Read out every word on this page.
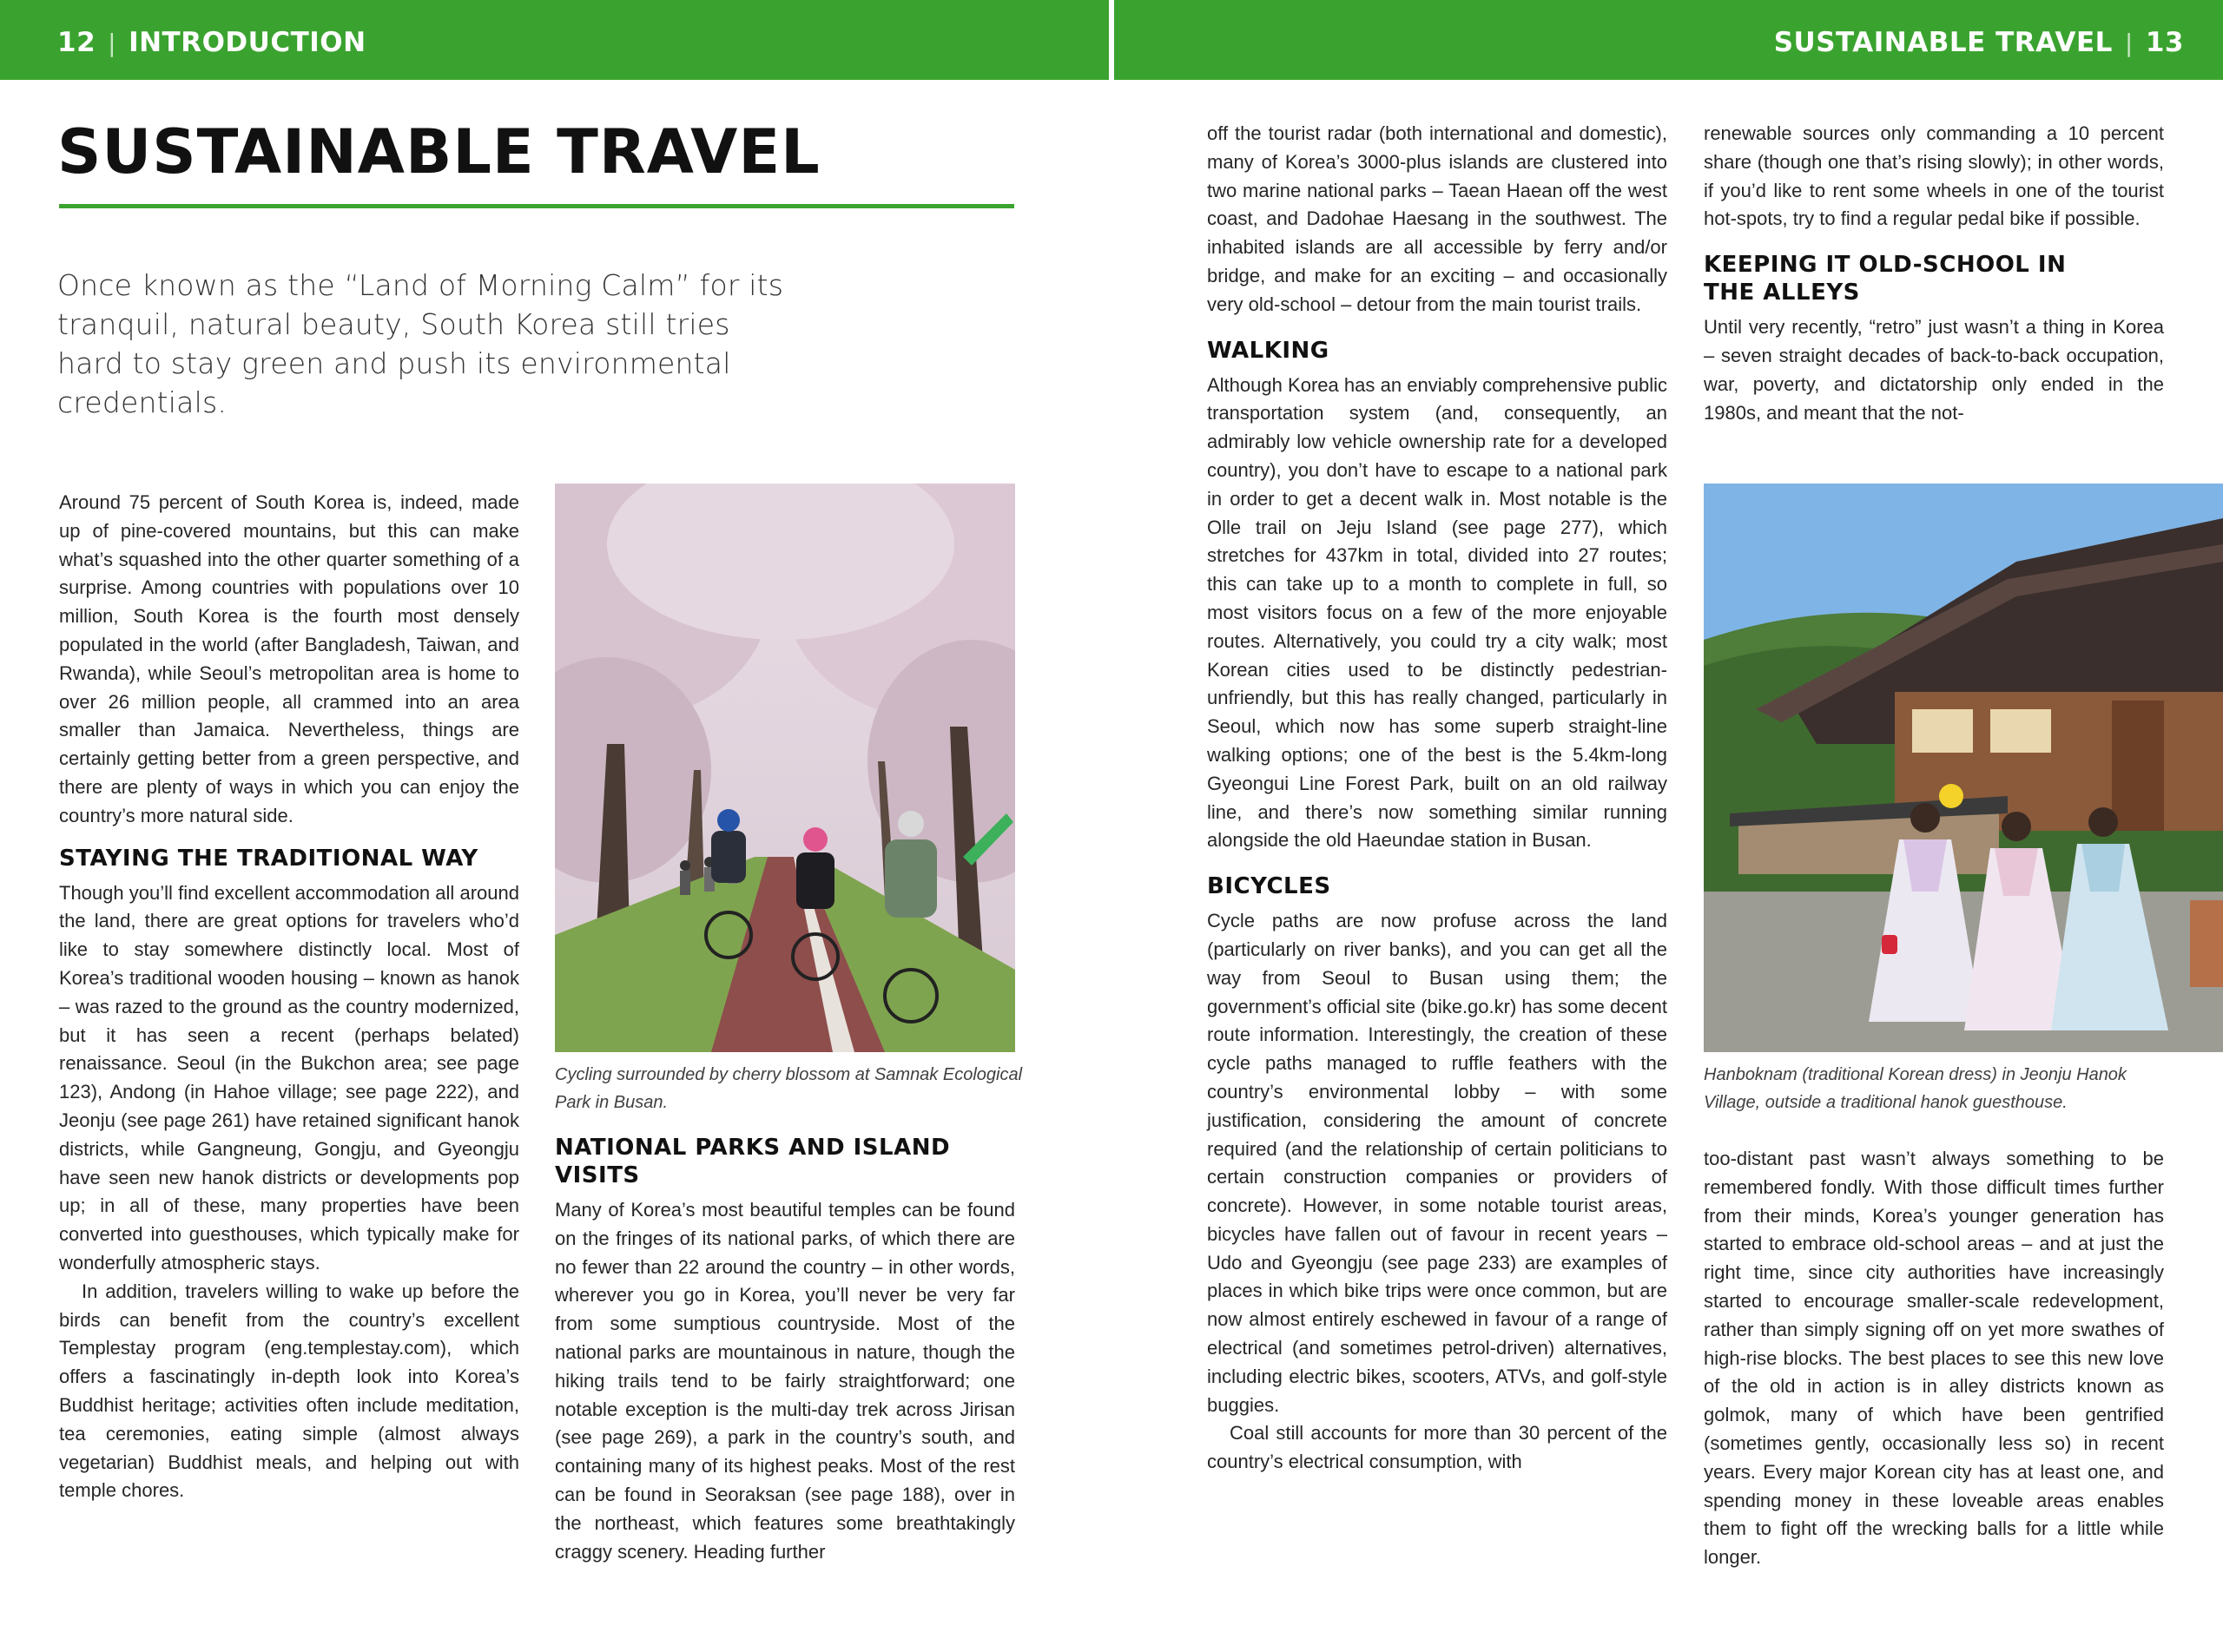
12 | INTRODUCTION	SUSTAINABLE TRAVEL | 13
SUSTAINABLE TRAVEL

Once known as the “Land of Morning Calm” for its tranquil, natural beauty, South Korea still tries hard to stay green and push its environmental credentials.

Around 75 percent of South Korea is, indeed, made up of pine-covered mountains, but this can make what’s squashed into the other quarter something of a surprise. Among countries with populations over 10 million, South Korea is the fourth most densely populated in the world (after Bangladesh, Taiwan, and Rwanda), while Seoul’s metropolitan area is home to over 26 million people, all crammed into an area smaller than Jamaica. Nevertheless, things are certainly getting better from a green perspective, and there are plenty of ways in which you can enjoy the country’s more natural side.

STAYING THE TRADITIONAL WAY

Though you’ll find excellent accommodation all around the land, there are great options for travelers who’d like to stay somewhere distinctly local. Most of Korea’s traditional wooden housing – known as hanok – was razed to the ground as the country modernized, but it has seen a recent (perhaps belated) renaissance. Seoul (in the Bukchon area; see page 123), Andong (in Hahoe village; see page 222), and Jeonju (see page 261) have retained significant hanok districts, while Gangneung, Gongju, and Gyeongju have seen new hanok districts or developments pop up; in all of these, many properties have been converted into guesthouses, which typically make for wonderfully atmospheric stays.

In addition, travelers willing to wake up before the birds can benefit from the country’s excellent Templestay program (eng.templestay.com), which offers a fascinatingly in-depth look into Korea’s Buddhist heritage; activities often include meditation, tea ceremonies, eating simple (almost always vegetarian) Buddhist meals, and helping out with temple chores.

Cycling surrounded by cherry blossom at Samnak Ecological Park in Busan.

NATIONAL PARKS AND ISLAND VISITS

Many of Korea’s most beautiful temples can be found on the fringes of its national parks, of which there are no fewer than 22 around the country – in other words, wherever you go in Korea, you’ll never be very far from some sumptious countryside. Most of the national parks are mountainous in nature, though the hiking trails tend to be fairly straightforward; one notable exception is the multi-day trek across Jirisan (see page 269), a park in the country’s south, and containing many of its highest peaks. Most of the rest can be found in Seoraksan (see page 188), over in the northeast, which features some breathtakingly craggy scenery. Heading further

off the tourist radar (both international and domestic), many of Korea’s 3000-plus islands are clustered into two marine national parks – Taean Haean off the west coast, and Dadohae Haesang in the southwest. The inhabited islands are all accessible by ferry and/or bridge, and make for an exciting – and occasionally very old-school – detour from the main tourist trails.

WALKING

Although Korea has an enviably comprehensive public transportation system (and, consequently, an admirably low vehicle ownership rate for a developed country), you don’t have to escape to a national park in order to get a decent walk in. Most notable is the Olle trail on Jeju Island (see page 277), which stretches for 437km in total, divided into 27 routes; this can take up to a month to complete in full, so most visitors focus on a few of the more enjoyable routes. Alternatively, you could try a city walk; most Korean cities used to be distinctly pedestrian-unfriendly, but this has really changed, particularly in Seoul, which now has some superb straight-line walking options; one of the best is the 5.4km-long Gyeongui Line Forest Park, built on an old railway line, and there’s now something similar running alongside the old Haeundae station in Busan.

BICYCLES

Cycle paths are now profuse across the land (particularly on river banks), and you can get all the way from Seoul to Busan using them; the government’s official site (bike.go.kr) has some decent route information. Interestingly, the creation of these cycle paths managed to ruffle feathers with the country’s environmental lobby – with some justification, considering the amount of concrete required (and the relationship of certain politicians to certain construction companies or providers of concrete). However, in some notable tourist areas, bicycles have fallen out of favour in recent years – Udo and Gyeongju (see page 233) are examples of places in which bike trips were once common, but are now almost entirely eschewed in favour of a range of electrical (and sometimes petrol-driven) alternatives, including electric bikes, scooters, ATVs, and golf-style buggies.

Coal still accounts for more than 30 percent of the country’s electrical consumption, with

renewable sources only commanding a 10 percent share (though one that’s rising slowly); in other words, if you’d like to rent some wheels in one of the tourist hot-spots, try to find a regular pedal bike if possible.

KEEPING IT OLD-SCHOOL IN THE ALLEYS

Until very recently, “retro” just wasn’t a thing in Korea – seven straight decades of back-to-back occupation, war, poverty, and dictatorship only ended in the 1980s, and meant that the not-

Hanboknam (traditional Korean dress) in Jeonju Hanok Village, outside a traditional hanok guesthouse.

too-distant past wasn’t always something to be remembered fondly. With those difficult times further from their minds, Korea’s younger generation has started to embrace old-school areas – and at just the right time, since city authorities have increasingly started to encourage smaller-scale redevelopment, rather than simply signing off on yet more swathes of high-rise blocks. The best places to see this new love of the old in action is in alley districts known as golmok, many of which have been gentrified (sometimes gently, occasionally less so) in recent years. Every major Korean city has at least one, and spending money in these loveable areas enables them to fight off the wrecking balls for a little while longer.
